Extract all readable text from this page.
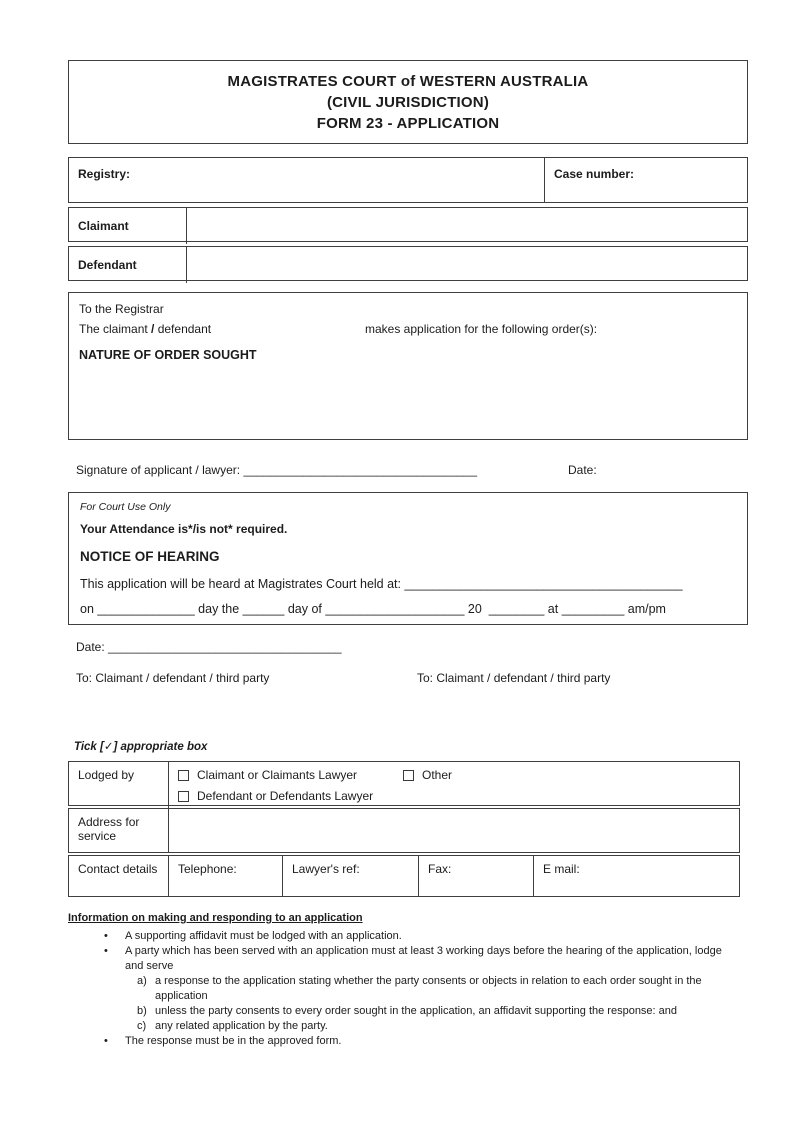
MAGISTRATES COURT of WESTERN AUSTRALIA
(CIVIL JURISDICTION)
FORM 23 - APPLICATION
Registry:	Case number:
Claimant
Defendant
To the Registrar
The claimant / defendant	makes application for the following order(s):
NATURE OF ORDER SOUGHT
Signature of applicant / lawyer: ___________________________________	Date:
For Court Use Only
Your Attendance is*/is not* required.
NOTICE OF HEARING
This application will be heard at Magistrates Court held at: ________________________________________
on ______________ day the ______ day of ____________________ 20  ________ at _________ am/pm
Date: ___________________________________
To: Claimant / defendant / third party	To: Claimant / defendant / third party
Tick [✓] appropriate box
Lodged by	Claimant or Claimants Lawyer	Other
Defendant or Defendants Lawyer
Address for service
Contact details	Telephone:	Lawyer's ref:	Fax:	E mail:
Information on making and responding to an application
•	A supporting affidavit must be lodged with an application.
•	A party which has been served with an application must at least 3 working days before the hearing of the application, lodge and serve
a) a response to the application stating whether the party consents or objects in relation to each order sought in the application
b) unless the party consents to every order sought in the application, an affidavit supporting the response: and
c) any related application by the party.
•	The response must be in the approved form.
